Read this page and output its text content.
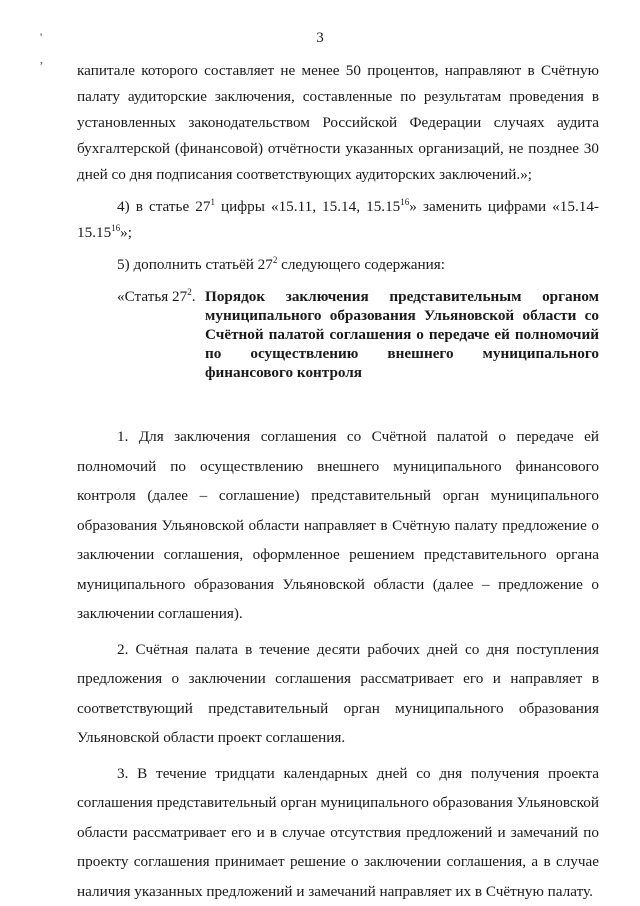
'
,
3

капитале которого составляет не менее 50 процентов, направляют в Счётную палату аудиторские заключения, составленные по результатам проведения в установленных законодательством Российской Федерации случаях аудита бухгалтерской (финансовой) отчётности указанных организаций, не позднее 30 дней со дня подписания соответствующих аудиторских заключений.»;

4) в статье $27^1$ цифры «15.11, 15.14, 15.15$^{16}$» заменить цифрами «15.14-15.15$^{16}$»;

5) дополнить статьёй $27^2$ следующего содержания:

«Статья $27^2$. Порядок заключения представительным органом муниципального образования Ульяновской области со Счётной палатой соглашения о передаче ей полномочий по осуществлению внешнего муниципального финансового контроля

1. Для заключения соглашения со Счётной палатой о передаче ей полномочий по осуществлению внешнего муниципального финансового контроля (далее – соглашение) представительный орган муниципального образования Ульяновской области направляет в Счётную палату предложение о заключении соглашения, оформленное решением представительного органа муниципального образования Ульяновской области (далее – предложение о заключении соглашения).

2. Счётная палата в течение десяти рабочих дней со дня поступления предложения о заключении соглашения рассматривает его и направляет в соответствующий представительный орган муниципального образования Ульяновской области проект соглашения.

3. В течение тридцати календарных дней со дня получения проекта соглашения представительный орган муниципального образования Ульяновской области рассматривает его и в случае отсутствия предложений и замечаний по проекту соглашения принимает решение о заключении соглашения, а в случае наличия указанных предложений и замечаний направляет их в Счётную палату.
